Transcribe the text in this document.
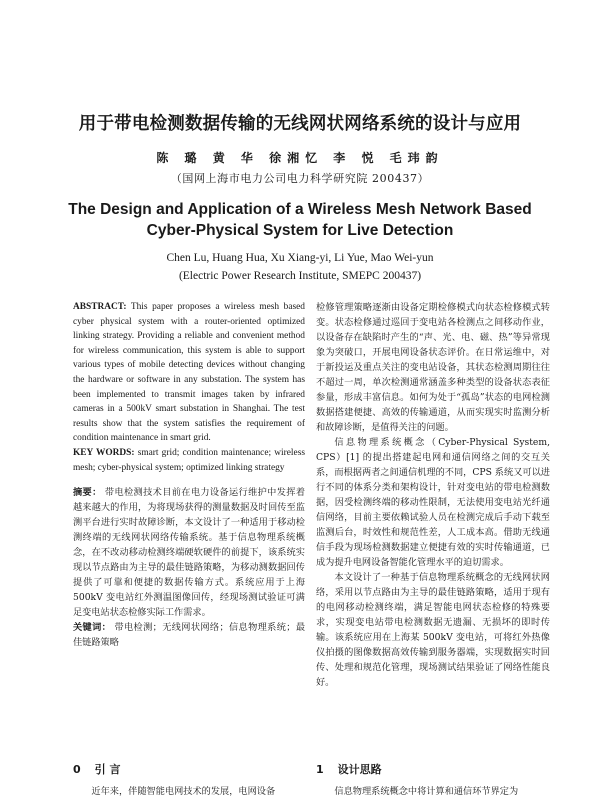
用于带电检测数据传输的无线网状网络系统的设计与应用
陈 璐 黄 华 徐湘忆 李 悦 毛玮韵
（国网上海市电力公司电力科学研究院 200437）
The Design and Application of a Wireless Mesh Network Based
Cyber-Physical System for Live Detection
Chen Lu, Huang Hua, Xu Xiang-yi, Li Yue, Mao Wei-yun
(Electric Power Research Institute, SMEPC 200437)

ABSTRACT: This paper proposes a wireless mesh based cyber physical system with a router-oriented optimized linking strategy. Providing a reliable and convenient method for wireless communication, this system is able to support various types of mobile detecting devices without changing the hardware or software in any substation. The system has been implemented to transmit images taken by infrared cameras in a 500kV smart substation in Shanghai. The test results show that the system satisfies the requirement of condition maintenance in smart grid.

KEY WORDS: smart grid; condition maintenance; wireless mesh; cyber-physical system; optimized linking strategy

摘要： 带电检测技术目前在电力设备运行维护中发挥着越来越大的作用，为将现场获得的测量数据及时回传至监测平台进行实时故障诊断，本文设计了一种适用于移动检测终端的无线网状网络传输系统。基于信息物理系统概念，在不改动移动检测终端硬软硬件的前提下，该系统实现以节点路由为主导的最佳链路策略，为移动测数据回传提供了可靠和便捷的数据传输方式。系统应用于上海 500kV 变电站红外测温图像回传，经现场测试验证可满足变电站状态检修实际工作需求。

关键词： 带电检测；无线网状网络；信息物理系统；最佳链路策略

检修管理策略逐渐由设备定期检修模式向状态检修模式转变。状态检修通过巡回于变电站各检测点之间移动作业，以设备存在缺陷时产生的“声、光、电、磁、热”等异常现象为突破口，开展电网设备状态评价。在日常运维中，对于新投运及重点关注的变电站设备，其状态检测周期往往不超过一周，单次检测通常涵盖多种类型的设备状态表征参量，形成丰富信息。如何为处于“孤岛”状态的电网检测数据搭建便捷、高效的传输通道，从而实现实时监测分析和故障诊断，是值得关注的问题。

信息物理系统概念（Cyber-Physical System, CPS）[1] 的提出搭建起电网和通信网络之间的交互关系，而根据两者之间通信机理的不同，CPS 系统又可以进行不同的体系分类和架构设计，针对变电站的带电检测数据，因受检测终端的移动性限制，无法使用变电站光纤通信网络，目前主要依赖试验人员在检测完成后手动下载至监测后台，时效性和规范性差，人工成本高。借助无线通信手段为现场检测数据建立便捷有效的实时传输通道，已成为提升电网设备智能化管理水平的迫切需求。

本文设计了一种基于信息物理系统概念的无线网状网络，采用以节点路由为主导的最佳链路策略，适用于现有的电网移动检测终端，满足智能电网状态检修的特殊要求，实现变电站带电检测数据无遗漏、无损坏的即时传输。该系统应用在上海某 500kV 变电站，可将红外热像仪拍摄的图像数据高效传输到服务器端，实现数据实时回传、处理和规范化管理，现场测试结果验证了网络性能良好。

0 引 言	1 设计思路
近年来，伴随智能电网技术的发展，电网设备	信息物理系统概念中将计算和通信环节界定为
